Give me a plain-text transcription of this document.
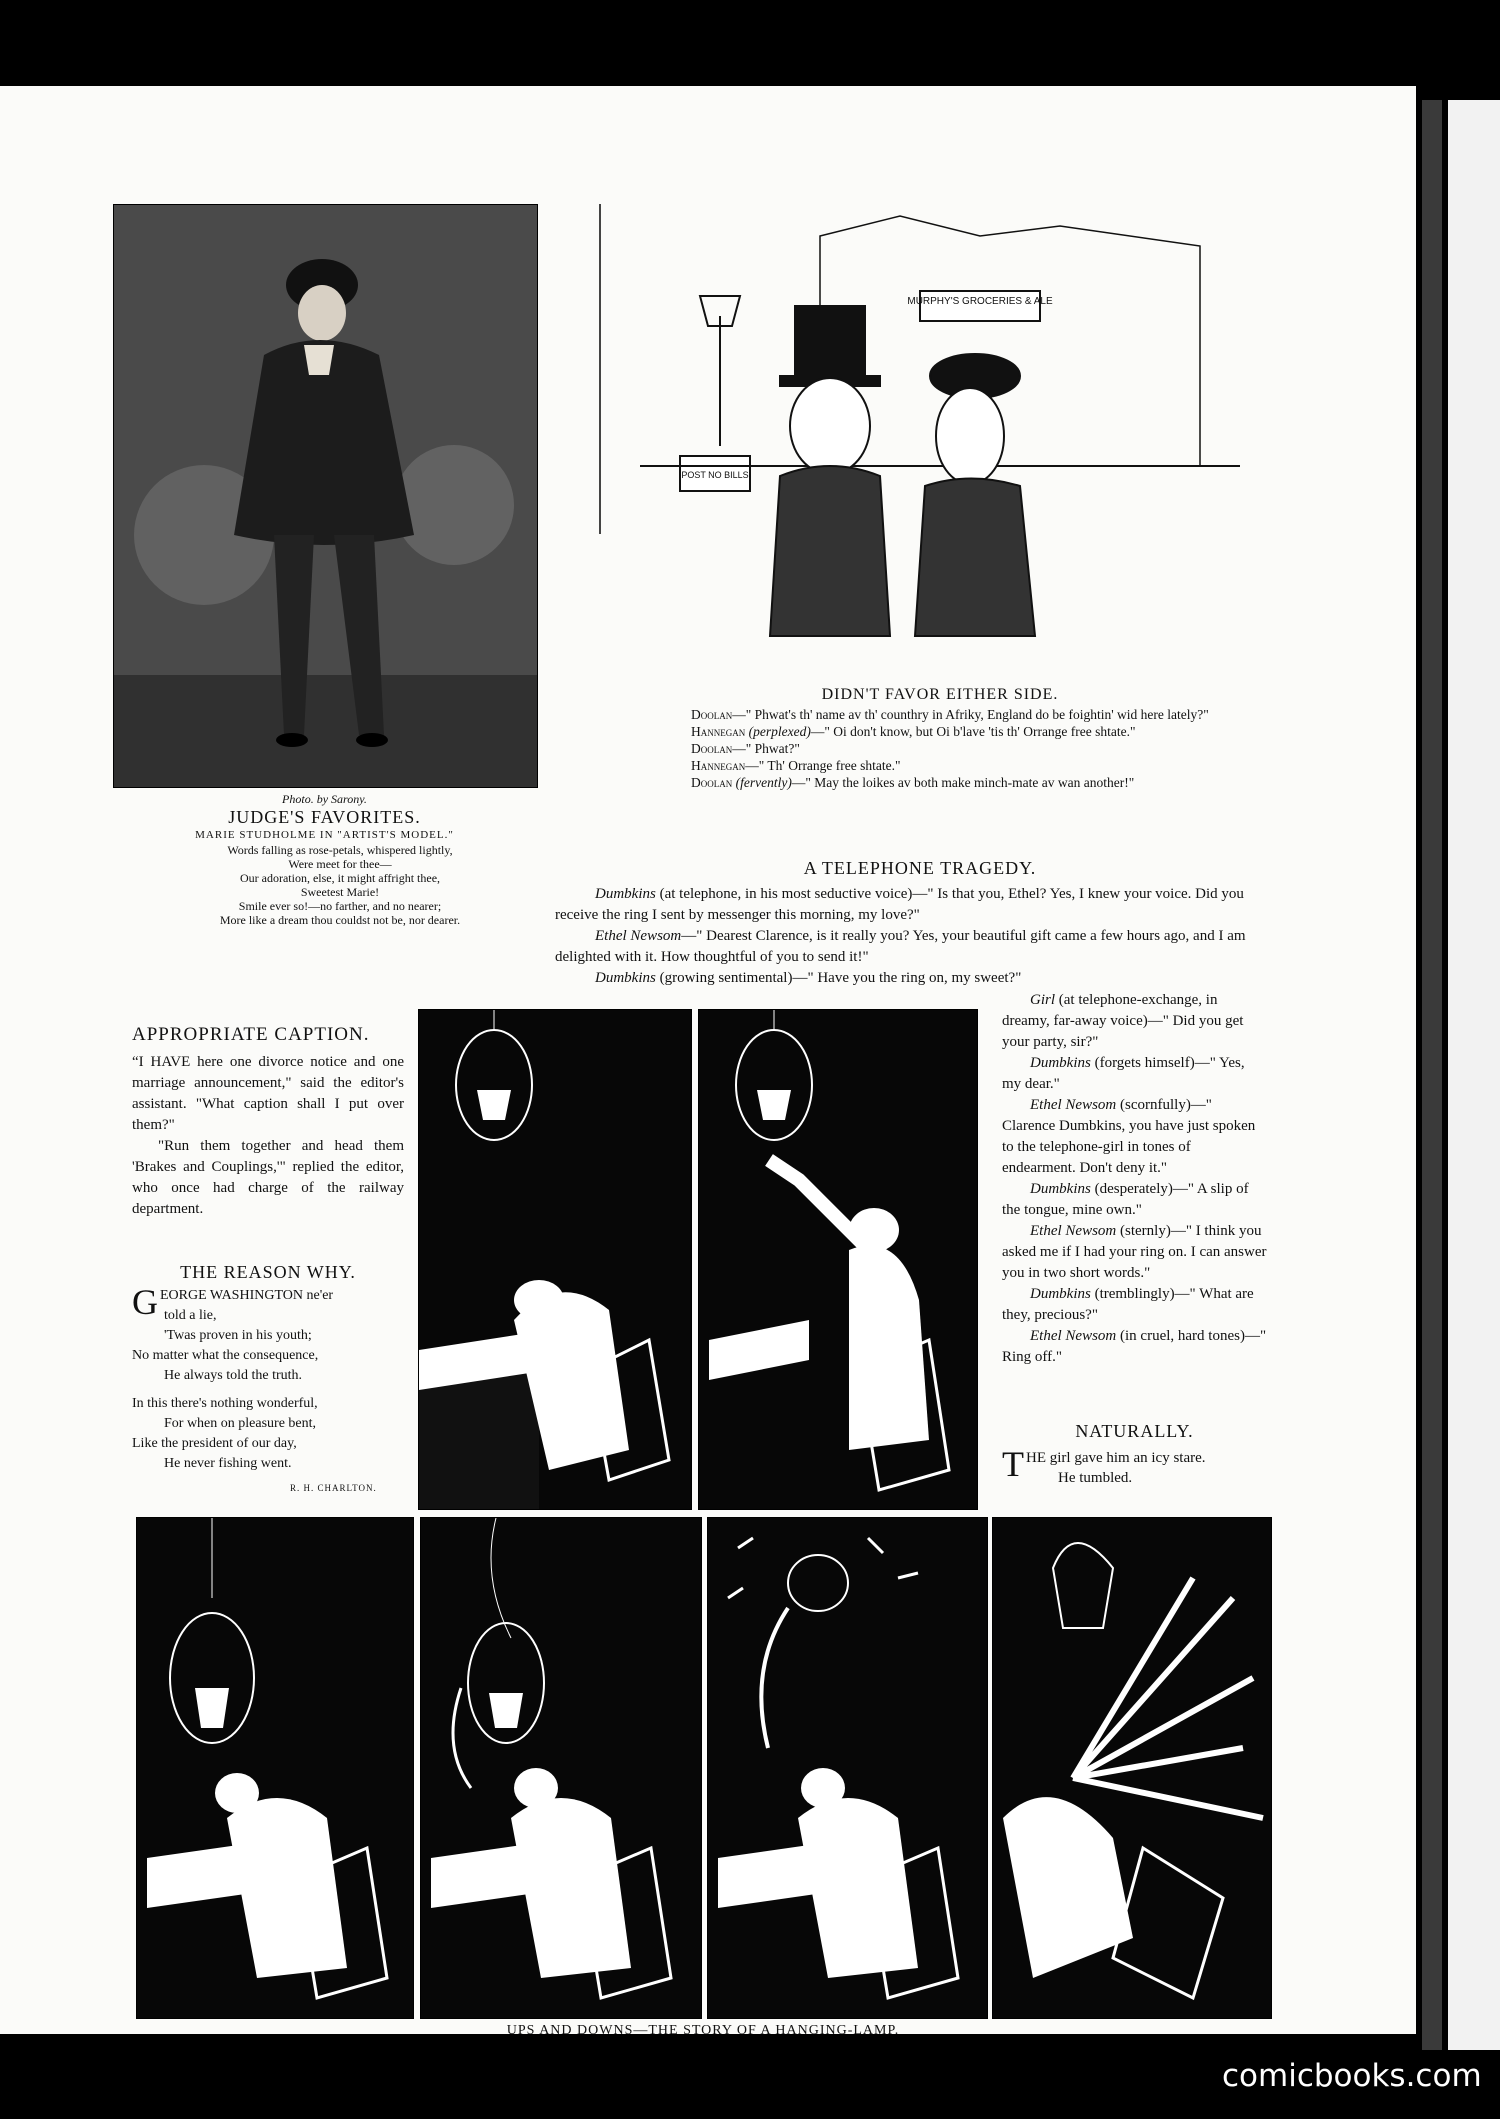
Photo. by Sarony.
JUDGE'S FAVORITES.
MARIE STUDHOLME IN "ARTIST'S MODEL."
Words falling as rose-petals, whispered lightly,
Were meet for thee—
Our adoration, else, it might affright thee,
Sweetest Marie!
Smile ever so!—no farther, and no nearer;
More like a dream thou couldst not be, nor dearer.
MURPHY'S GROCERIES & ALE
POST NO BILLS
DIDN'T FAVOR EITHER SIDE.

Doolan—" Phwat's th' name av th' counthry in Afriky, England do be foightin' wid here lately?"

Hannegan (perplexed)—" Oi don't know, but Oi b'lave 'tis th' Orrange free shtate."

Doolan—" Phwat?"

Hannegan—" Th' Orrange free shtate."

Doolan (fervently)—" May the loikes av both make minch-mate av wan another!"

A TELEPHONE TRAGEDY.

Dumbkins (at telephone, in his most seductive voice)—" Is that you, Ethel? Yes, I knew your voice. Did you receive the ring I sent by messenger this morning, my love?"

Ethel Newsom—" Dearest Clarence, is it really you? Yes, your beautiful gift came a few hours ago, and I am delighted with it. How thoughtful of you to send it!"

Dumbkins (growing sentimental)—" Have you the ring on, my sweet?"

Girl (at telephone-exchange, in dreamy, far-away voice)—" Did you get your party, sir?"

Dumbkins (forgets himself)—" Yes, my dear."

Ethel Newsom (scornfully)—" Clarence Dumbkins, you have just spoken to the telephone-girl in tones of endearment. Don't deny it."

Dumbkins (desperately)—" A slip of the tongue, mine own."

Ethel Newsom (sternly)—" I think you asked me if I had your ring on. I can answer you in two short words."

Dumbkins (tremblingly)—" What are they, precious?"

Ethel Newsom (in cruel, hard tones)—" Ring off."

NATURALLY.
THE girl gave him an icy stare.
He tumbled.
APPROPRIATE CAPTION.

“I HAVE here one divorce notice and one marriage announcement," said the editor's assistant. "What caption shall I put over them?"

"Run them together and head them 'Brakes and Couplings,'" replied the editor, who once had charge of the railway department.

THE REASON WHY.
GEORGE WASHINGTON ne'er
told a lie,
'Twas proven in his youth;
No matter what the consequence,
He always told the truth.
In this there's nothing wonderful,
For when on pleasure bent,
Like the president of our day,
He never fishing went.
R. H. CHARLTON.
UPS AND DOWNS—THE STORY OF A HANGING-LAMP.
comicbooks.com
